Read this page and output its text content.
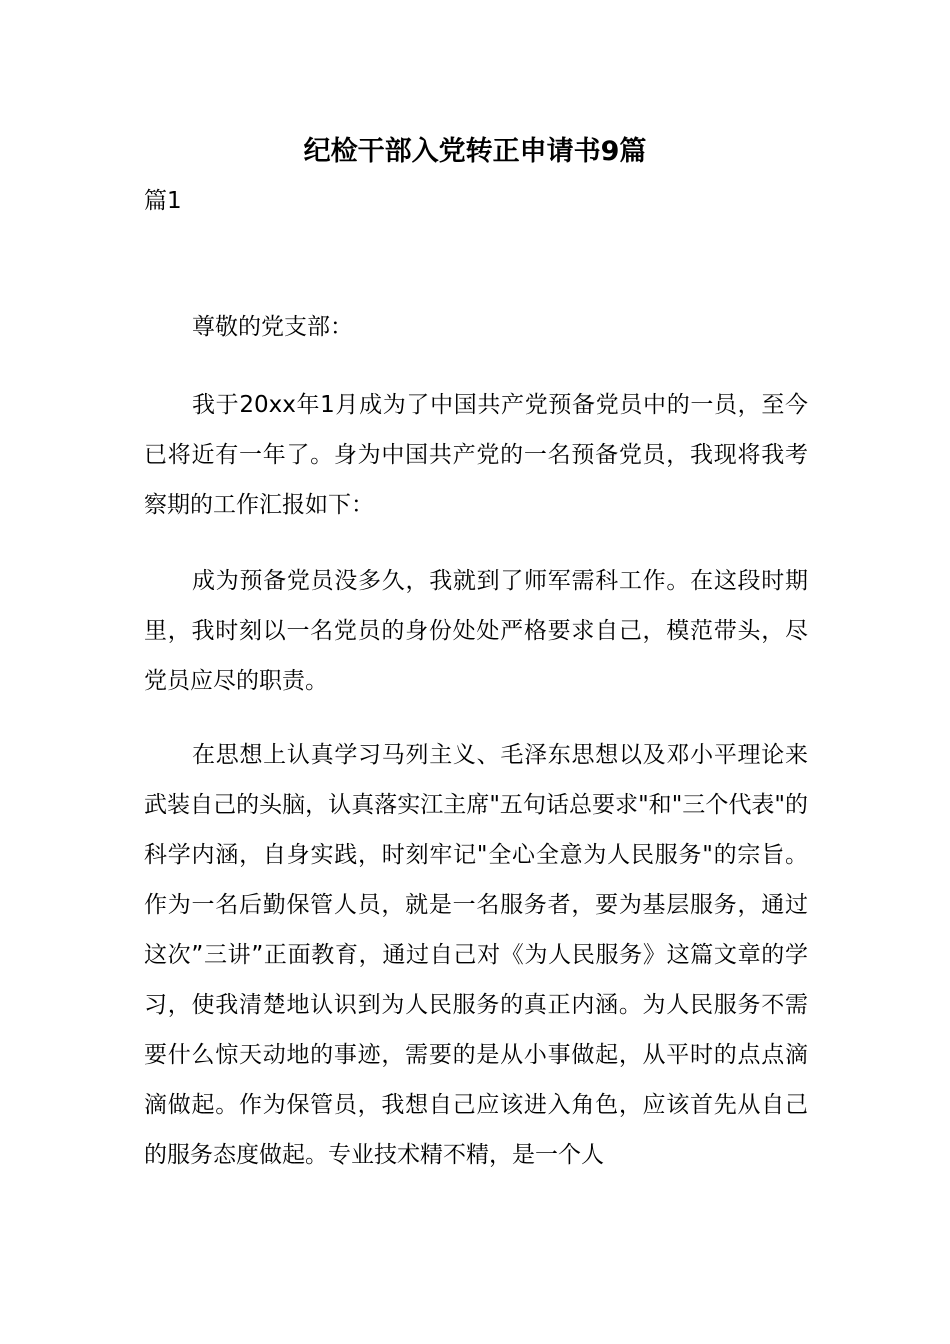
纪检干部入党转正申请书9篇

篇1

尊敬的党支部：

我于20xx年1月成为了中国共产党预备党员中的一员，至今已将近有一年了。身为中国共产党的一名预备党员，我现将我考察期的工作汇报如下：

成为预备党员没多久，我就到了师军需科工作。在这段时期里，我时刻以一名党员的身份处处严格要求自己，模范带头，尽党员应尽的职责。

在思想上认真学习马列主义、毛泽东思想以及邓小平理论来武装自己的头脑，认真落实江主席"五句话总要求"和"三个代表"的科学内涵，自身实践，时刻牢记"全心全意为人民服务"的宗旨。作为一名后勤保管人员，就是一名服务者，要为基层服务，通过这次”三讲”正面教育，通过自己对《为人民服务》这篇文章的学习，使我清楚地认识到为人民服务的真正内涵。为人民服务不需要什么惊天动地的事迹，需要的是从小事做起，从平时的点点滴滴做起。作为保管员，我想自己应该进入角色，应该首先从自己的服务态度做起。专业技术精不精，是一个人
